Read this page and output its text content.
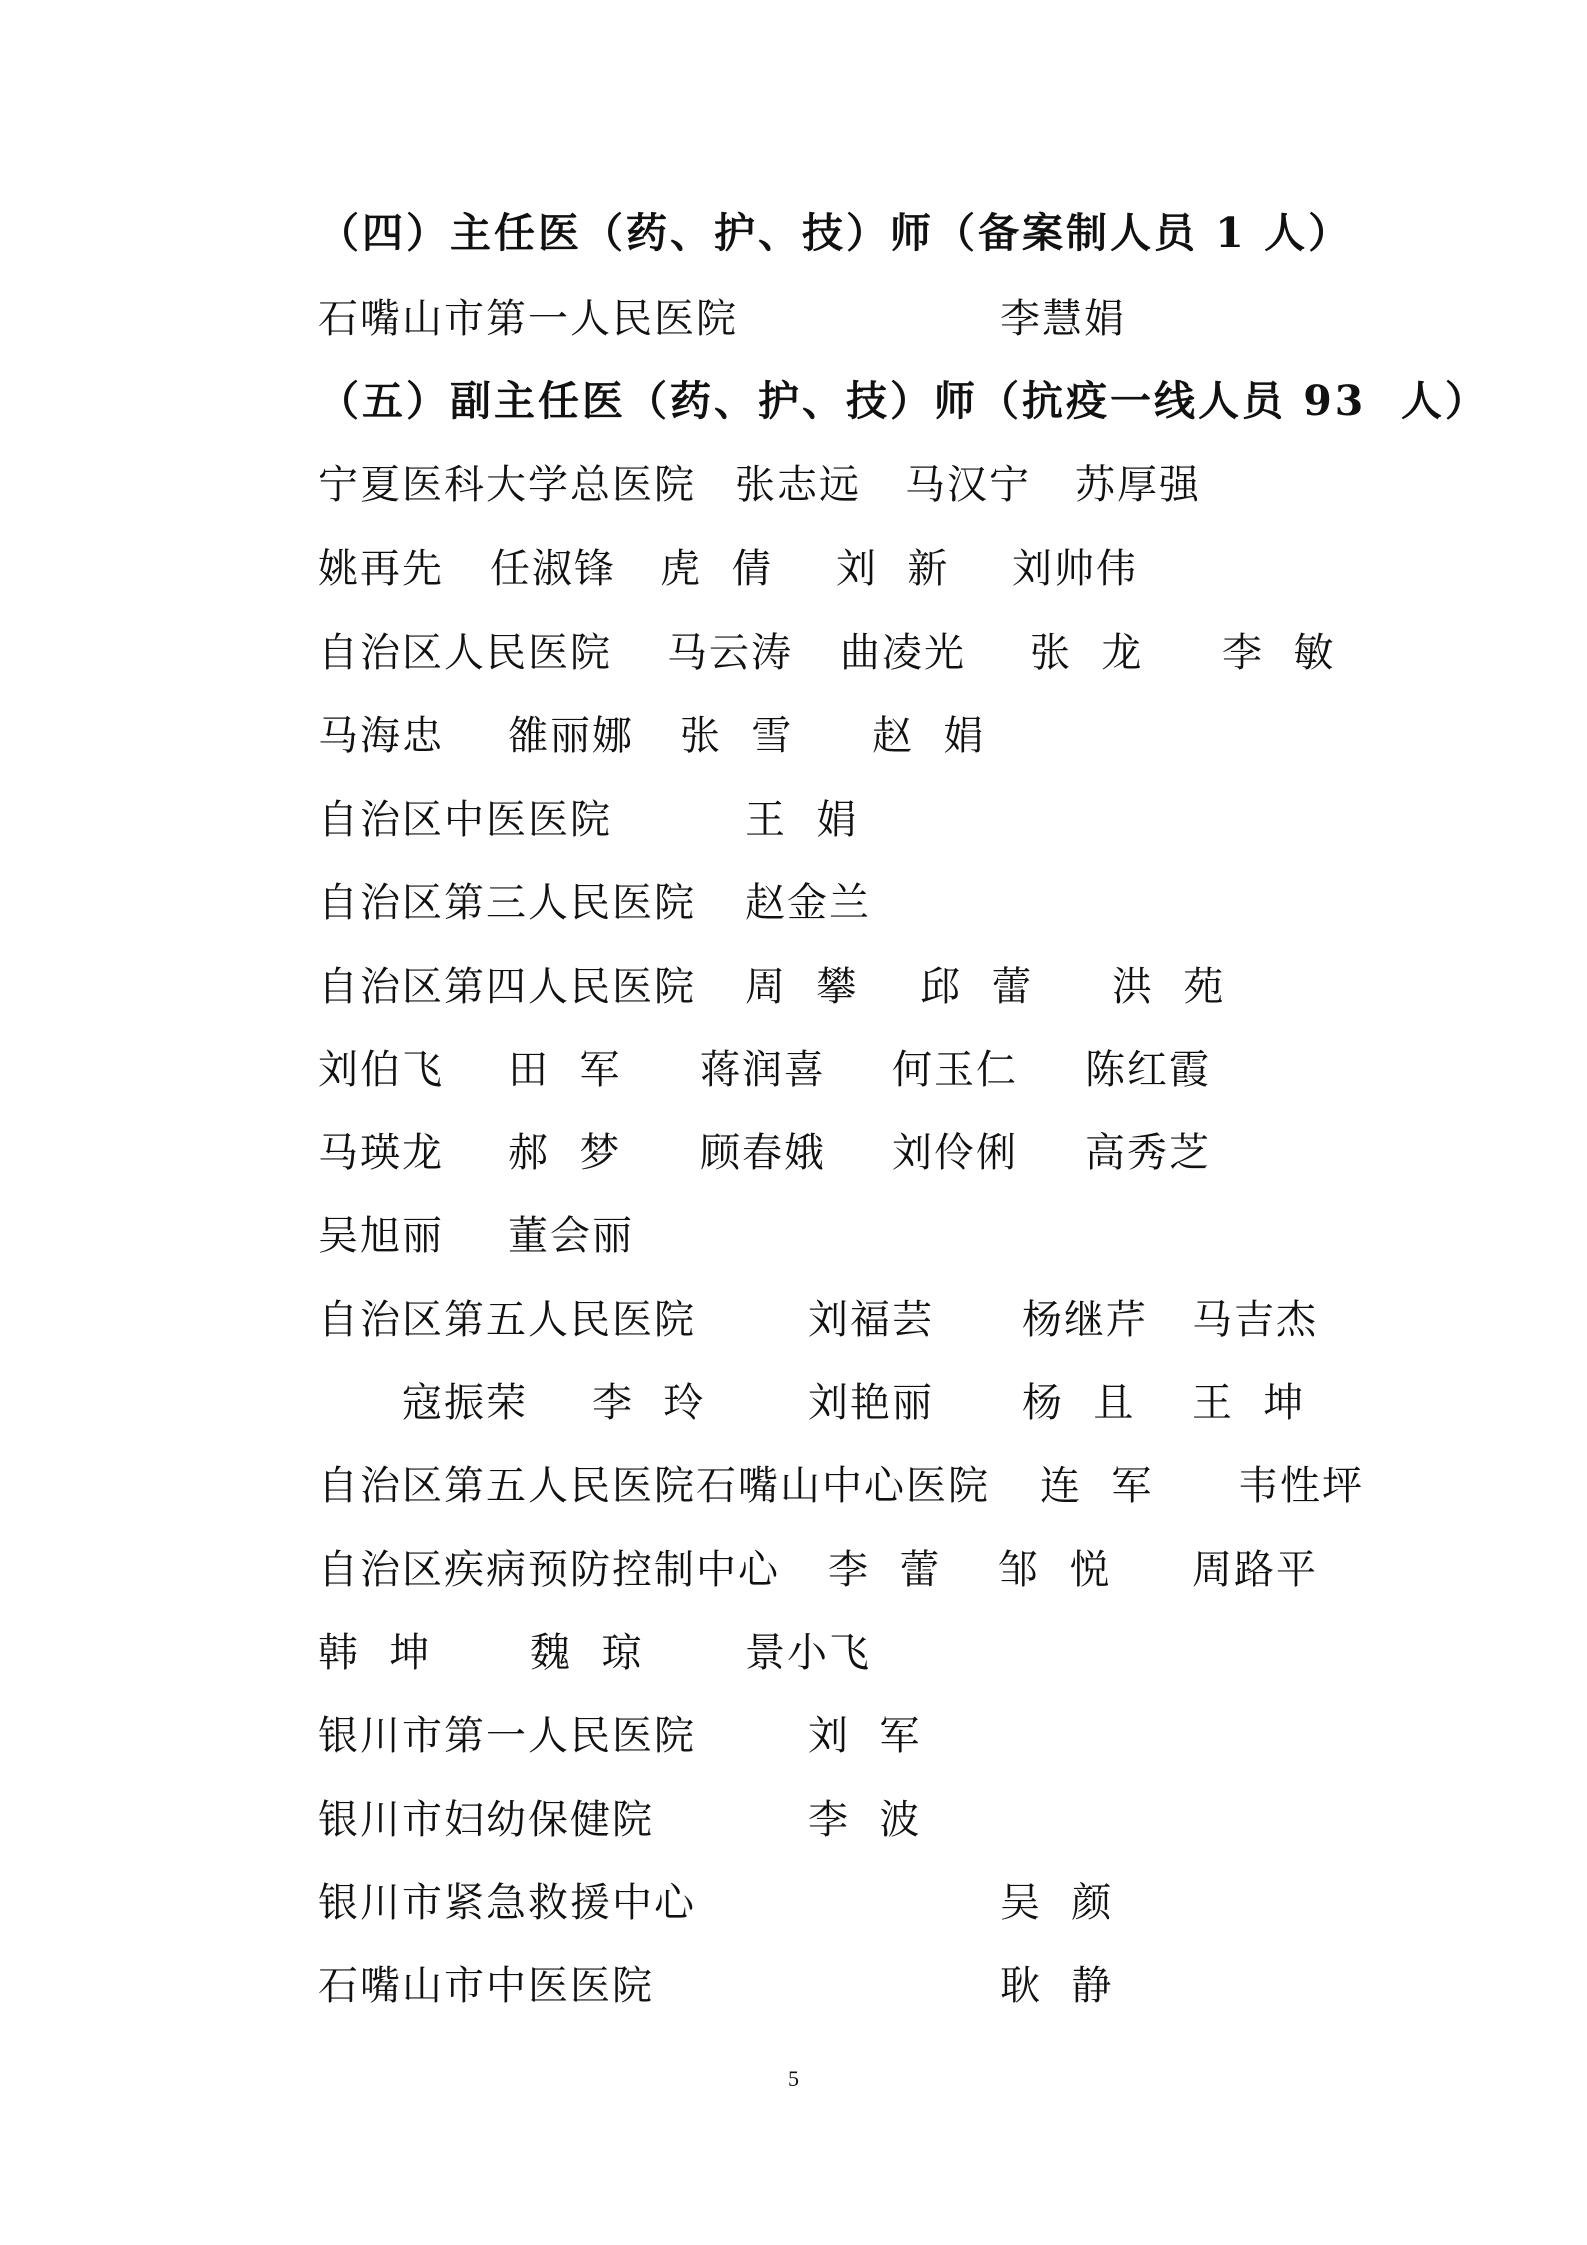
（四）主任医（药、护、技）师（备案制人员 1 人）
石嘴山市第一人民医院	李慧娟
（五）副主任医（药、护、技）师（抗疫一线人员 93  人）
宁夏医科大学总医院 张志远 马汉宁 苏厚强
姚再先 任淑锋 虎  倩 刘  新 刘帅伟
自治区人民医院 马云涛 曲凌光 张  龙 李  敏
马海忠 雒丽娜 张  雪 赵  娟
自治区中医医院	王  娟
自治区第三人民医院 赵金兰
自治区第四人民医院 周  攀 邱  蕾 洪  苑
刘伯飞 田  军 蒋润喜 何玉仁 陈红霞
马瑛龙 郝  梦 顾春娥 刘伶俐 高秀芝
吴旭丽 董会丽
自治区第五人民医院	刘福芸 杨继芹 马吉杰
寇振荣 李  玲	刘艳丽 杨  且 王  坤
自治区第五人民医院石嘴山中心医院 连  军 韦性坪
自治区疾病预防控制中心 李  蕾 邹  悦 周路平
韩  坤 魏  琼	景小飞
银川市第一人民医院	刘  军
银川市妇幼保健院	李  波
银川市紧急救援中心	吴  颜
石嘴山市中医医院	耿  静
5
